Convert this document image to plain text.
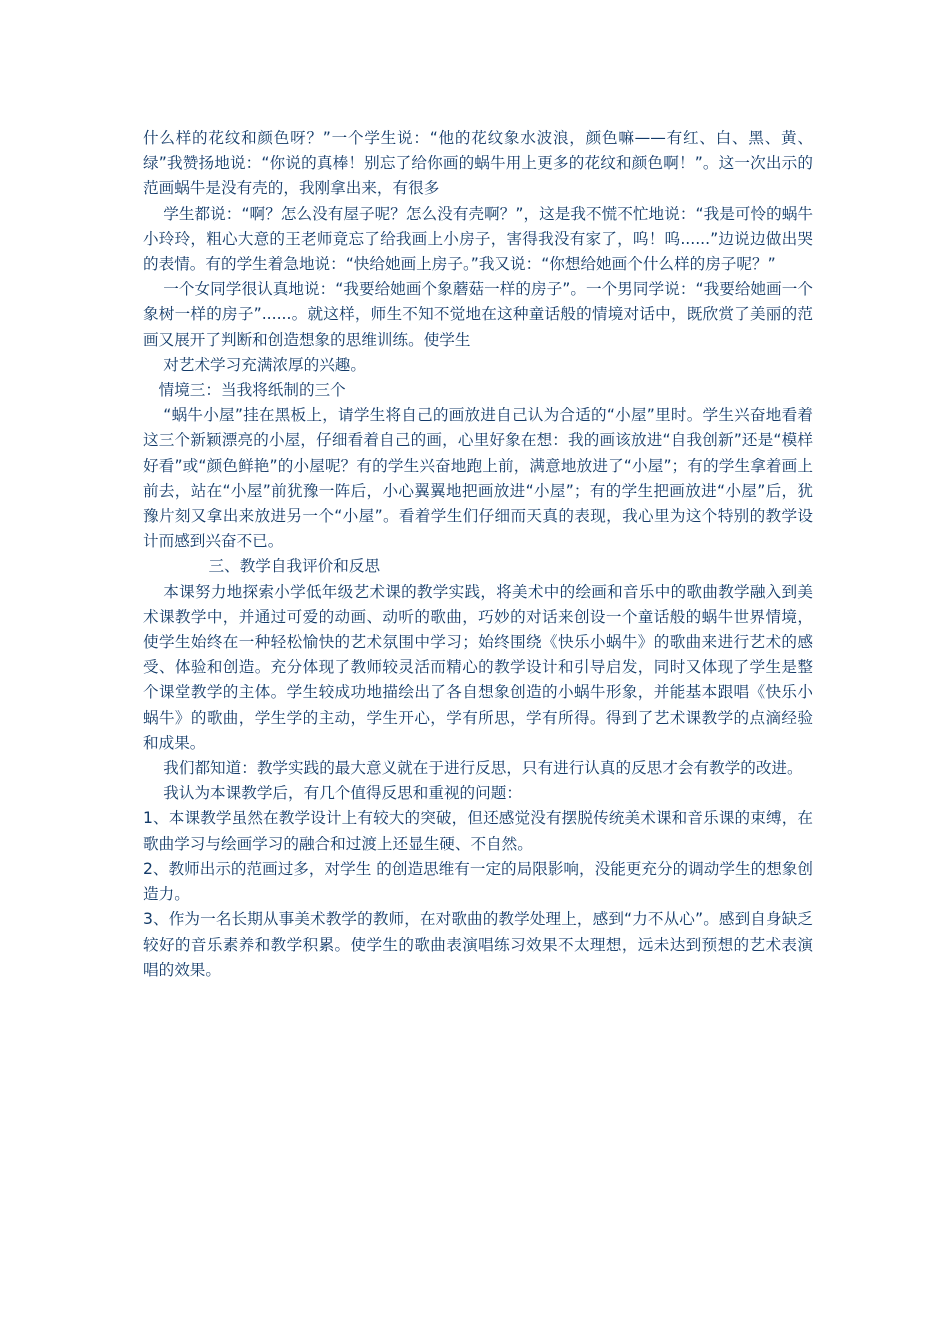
什么样的花纹和颜色呀？”一个学生说：“他的花纹象水波浪，颜色嘛——有红、白、黑、黄、绿”我赞扬地说：“你说的真棒！别忘了给你画的蜗牛用上更多的花纹和颜色啊！”。这一次出示的范画蜗牛是没有壳的，我刚拿出来，有很多

学生都说：“啊？怎么没有屋子呢？怎么没有壳啊？”，这是我不慌不忙地说：“我是可怜的蜗牛小玲玲，粗心大意的王老师竟忘了给我画上小房子，害得我没有家了，呜！呜......”边说边做出哭的表情。有的学生着急地说：“快给她画上房子。”我又说：“你想给她画个什么样的房子呢？”

一个女同学很认真地说：“我要给她画个象蘑菇一样的房子”。一个男同学说：“我要给她画一个象树一样的房子”......。就这样，师生不知不觉地在这种童话般的情境对话中，既欣赏了美丽的范画又展开了判断和创造想象的思维训练。使学生

对艺术学习充满浓厚的兴趣。

情境三：当我将纸制的三个

“蜗牛小屋”挂在黑板上，请学生将自己的画放进自己认为合适的“小屋”里时。学生兴奋地看着这三个新颖漂亮的小屋，仔细看着自己的画，心里好象在想：我的画该放进“自我创新”还是“模样好看”或“颜色鲜艳”的小屋呢？有的学生兴奋地跑上前，满意地放进了“小屋”；有的学生拿着画上前去，站在“小屋”前犹豫一阵后，小心翼翼地把画放进“小屋”；有的学生把画放进“小屋”后，犹豫片刻又拿出来放进另一个“小屋”。看着学生们仔细而天真的表现，我心里为这个特别的教学设计而感到兴奋不已。

三、教学自我评价和反思

本课努力地探索小学低年级艺术课的教学实践，将美术中的绘画和音乐中的歌曲教学融入到美术课教学中，并通过可爱的动画、动听的歌曲，巧妙的对话来创设一个童话般的蜗牛世界情境，使学生始终在一种轻松愉快的艺术氛围中学习；始终围绕《快乐小蜗牛》的歌曲来进行艺术的感受、体验和创造。充分体现了教师较灵活而精心的教学设计和引导启发，同时又体现了学生是整个课堂教学的主体。学生较成功地描绘出了各自想象创造的小蜗牛形象，并能基本跟唱《快乐小蜗牛》的歌曲，学生学的主动，学生开心，学有所思，学有所得。得到了艺术课教学的点滴经验和成果。

我们都知道：教学实践的最大意义就在于进行反思，只有进行认真的反思才会有教学的改进。

我认为本课教学后，有几个值得反思和重视的问题：

1、本课教学虽然在教学设计上有较大的突破，但还感觉没有摆脱传统美术课和音乐课的束缚，在歌曲学习与绘画学习的融合和过渡上还显生硬、不自然。

2、教师出示的范画过多，对学生 的创造思维有一定的局限影响，没能更充分的调动学生的想象创造力。

3、作为一名长期从事美术教学的教师，在对歌曲的教学处理上，感到“力不从心”。感到自身缺乏较好的音乐素养和教学积累。使学生的歌曲表演唱练习效果不太理想，远未达到预想的艺术表演唱的效果。
